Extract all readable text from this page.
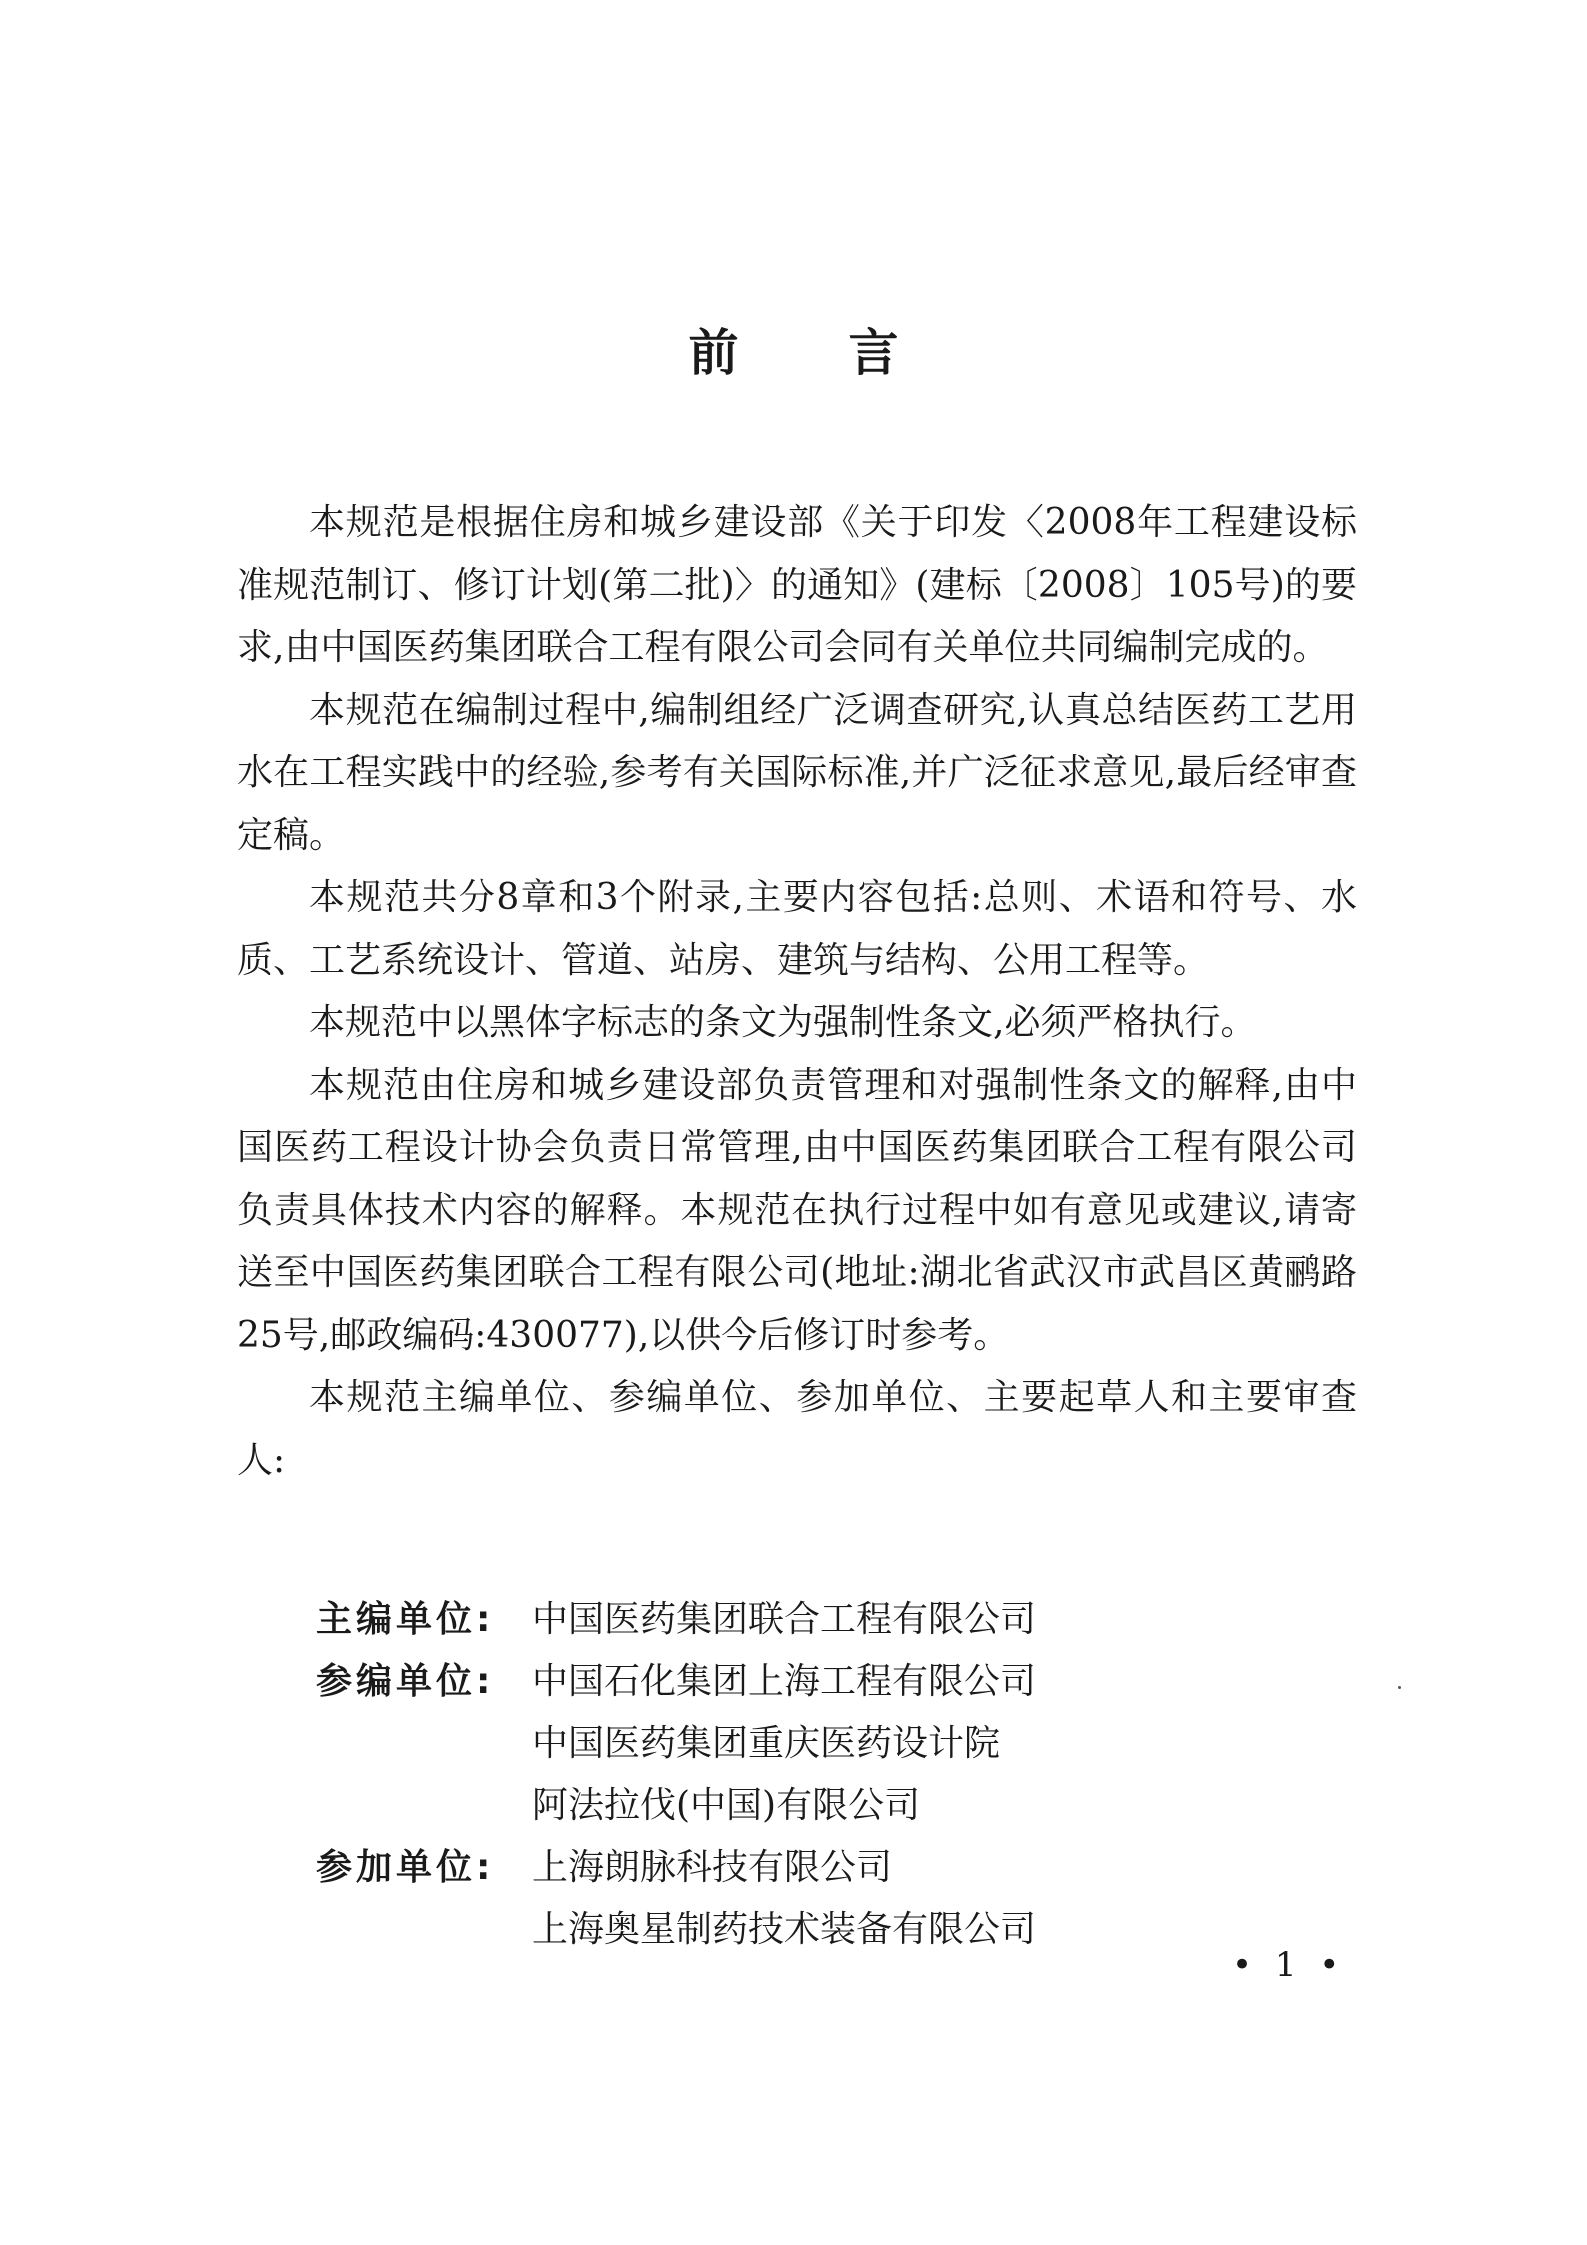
前言

本规范是根据住房和城乡建设部《关于印发〈2008年工程建设标准规范制订、修订计划(第二批)〉的通知》(建标〔2008〕105号)的要求,由中国医药集团联合工程有限公司会同有关单位共同编制完成的。

本规范在编制过程中,编制组经广泛调查研究,认真总结医药工艺用水在工程实践中的经验,参考有关国际标准,并广泛征求意见,最后经审查定稿。

本规范共分8章和3个附录,主要内容包括:总则、术语和符号、水质、工艺系统设计、管道、站房、建筑与结构、公用工程等。

本规范中以黑体字标志的条文为强制性条文,必须严格执行。

本规范由住房和城乡建设部负责管理和对强制性条文的解释,由中国医药工程设计协会负责日常管理,由中国医药集团联合工程有限公司负责具体技术内容的解释。本规范在执行过程中如有意见或建议,请寄送至中国医药集团联合工程有限公司(地址:湖北省武汉市武昌区黄鹂路25号,邮政编码:430077),以供今后修订时参考。

本规范主编单位、参编单位、参加单位、主要起草人和主要审查人:

主编单位:	中国医药集团联合工程有限公司
参编单位:	中国石化集团上海工程有限公司
中国医药集团重庆医药设计院
阿法拉伐(中国)有限公司
参加单位:	上海朗脉科技有限公司
上海奥星制药技术装备有限公司
• 1 •
